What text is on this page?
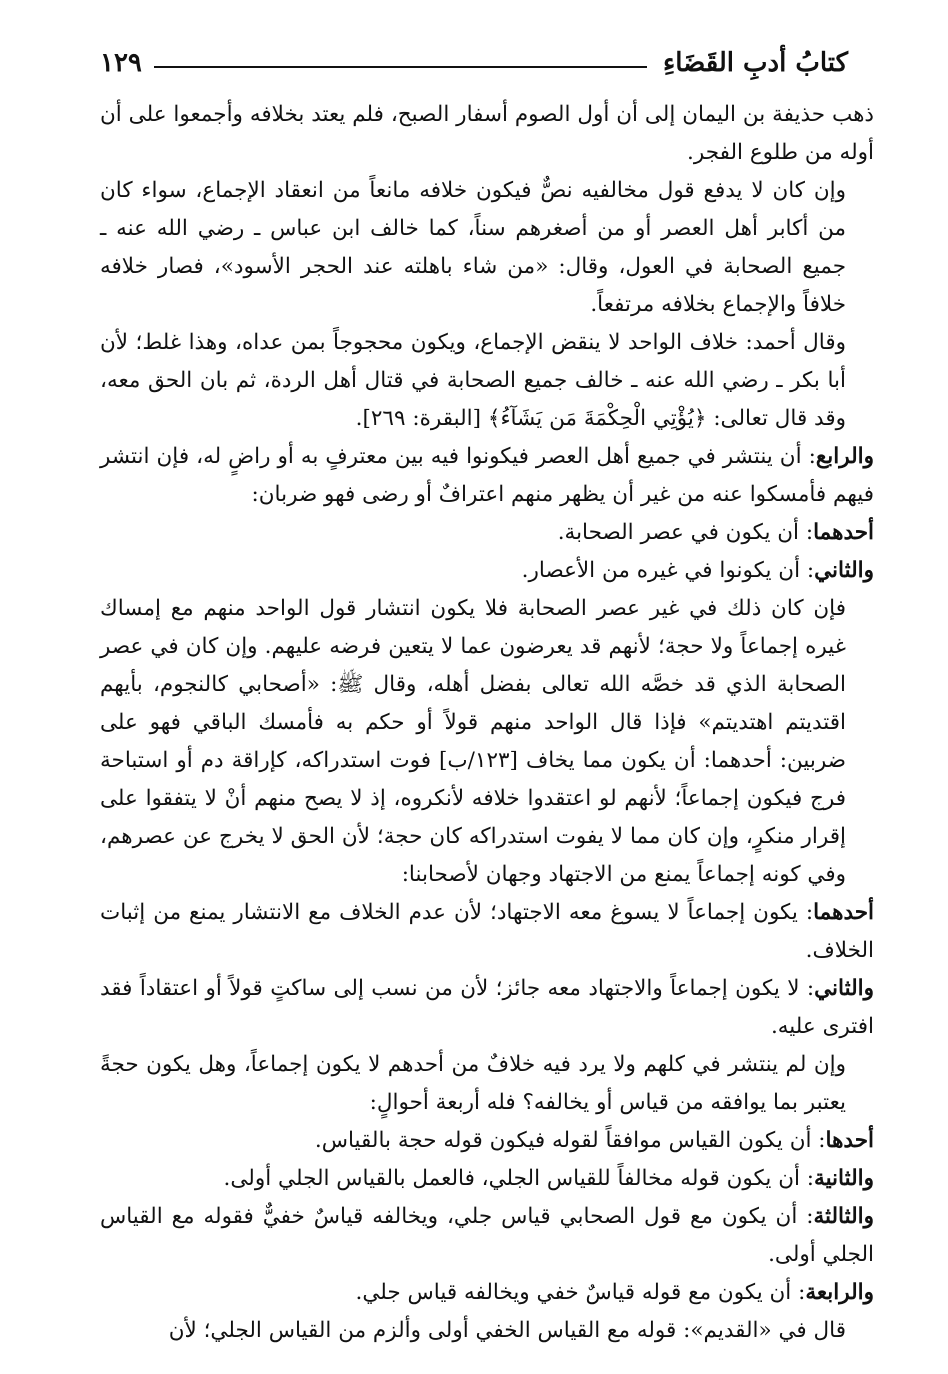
كتابُ أدبِ القَضَاءِ
١٢٩

ذهب حذيفة بن اليمان إلى أن أول الصوم أسفار الصبح، فلم يعتد بخلافه وأجمعوا على أن أوله من طلوع الفجر.

وإن كان لا يدفع قول مخالفيه نصٌّ فيكون خلافه مانعاً من انعقاد الإجماع، سواء كان من أكابر أهل العصر أو من أصغرهم سناً، كما خالف ابن عباس ـ رضي الله عنه ـ جميع الصحابة في العول، وقال: «من شاء باهلته عند الحجر الأسود»، فصار خلافه خلافاً والإجماع بخلافه مرتفعاً.

وقال أحمد: خلاف الواحد لا ينقض الإجماع، ويكون محجوجاً بمن عداه، وهذا غلط؛ لأن أبا بكر ـ رضي الله عنه ـ خالف جميع الصحابة في قتال أهل الردة، ثم بان الحق معه، وقد قال تعالى: ﴿يُؤْتِي الْحِكْمَةَ مَن يَشَآءُ﴾ [البقرة: ٢٦٩].

والرابع: أن ينتشر في جميع أهل العصر فيكونوا فيه بين معترفٍ به أو راضٍ له، فإن انتشر فيهم فأمسكوا عنه من غير أن يظهر منهم اعترافٌ أو رضى فهو ضربان:

أحدهما: أن يكون في عصر الصحابة.

والثاني: أن يكونوا في غيره من الأعصار.

فإن كان ذلك في غير عصر الصحابة فلا يكون انتشار قول الواحد منهم مع إمساك غيره إجماعاً ولا حجة؛ لأنهم قد يعرضون عما لا يتعين فرضه عليهم. وإن كان في عصر الصحابة الذي قد خصَّه الله تعالى بفضل أهله، وقال ﷺ: «أصحابي كالنجوم، بأيهم اقتديتم اهتديتم» فإذا قال الواحد منهم قولاً أو حكم به فأمسك الباقي فهو على ضربين: أحدهما: أن يكون مما يخاف [١٢٣/ب] فوت استدراكه، كإراقة دم أو استباحة فرج فيكون إجماعاً؛ لأنهم لو اعتقدوا خلافه لأنكروه، إذ لا يصح منهم أنْ لا يتفقوا على إقرار منكرٍ، وإن كان مما لا يفوت استدراكه كان حجة؛ لأن الحق لا يخرج عن عصرهم، وفي كونه إجماعاً يمنع من الاجتهاد وجهان لأصحابنا:

أحدهما: يكون إجماعاً لا يسوغ معه الاجتهاد؛ لأن عدم الخلاف مع الانتشار يمنع من إثبات الخلاف.

والثاني: لا يكون إجماعاً والاجتهاد معه جائز؛ لأن من نسب إلى ساكتٍ قولاً أو اعتقاداً فقد افترى عليه.

وإن لم ينتشر في كلهم ولا يرد فيه خلافٌ من أحدهم لا يكون إجماعاً، وهل يكون حجةً يعتبر بما يوافقه من قياس أو يخالفه؟ فله أربعة أحوالٍ:

أحدها: أن يكون القياس موافقاً لقوله فيكون قوله حجة بالقياس.

والثانية: أن يكون قوله مخالفاً للقياس الجلي، فالعمل بالقياس الجلي أولى.

والثالثة: أن يكون مع قول الصحابي قياس جلي، ويخالفه قياسٌ خفيٌّ فقوله مع القياس الجلي أولى.

والرابعة: أن يكون مع قوله قياسٌ خفي ويخالفه قياس جلي.

قال في «القديم»: قوله مع القياس الخفي أولى وألزم من القياس الجلي؛ لأن
